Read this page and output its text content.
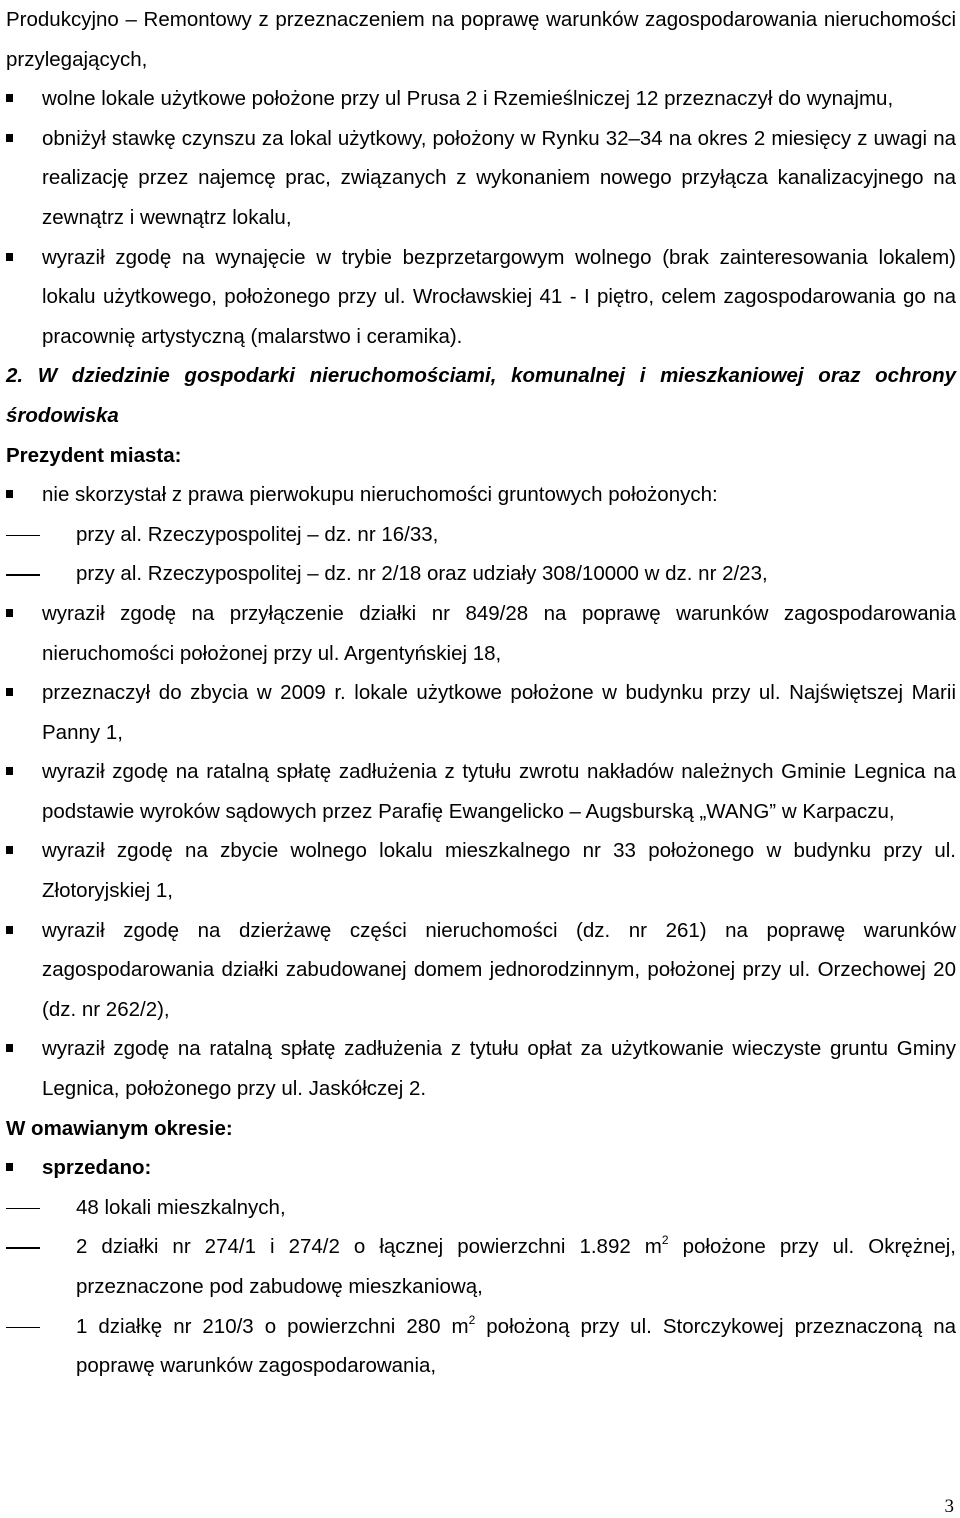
Produkcyjno – Remontowy z przeznaczeniem na poprawę warunków zagospodarowania nieruchomości przylegających,
wolne lokale użytkowe położone przy ul Prusa 2 i Rzemieślniczej 12 przeznaczył do wynajmu,
obniżył stawkę czynszu za lokal użytkowy, położony w Rynku 32–34 na okres 2 miesięcy z uwagi na realizację przez najemcę prac, związanych z wykonaniem nowego przyłącza kanalizacyjnego na zewnątrz i wewnątrz lokalu,
wyraził zgodę na wynajęcie w trybie bezprzetargowym wolnego (brak zainteresowania lokalem) lokalu użytkowego, położonego przy ul. Wrocławskiej 41 - I piętro, celem zagospodarowania go na pracownię artystyczną (malarstwo i ceramika).
2. W dziedzinie gospodarki nieruchomościami, komunalnej i mieszkaniowej oraz ochrony środowiska
Prezydent miasta:
nie skorzystał z prawa pierwokupu nieruchomości gruntowych położonych:
przy al. Rzeczypospolitej – dz. nr 16/33,
przy al. Rzeczypospolitej – dz. nr 2/18 oraz udziały 308/10000 w dz. nr 2/23,
wyraził zgodę na przyłączenie działki nr 849/28 na poprawę warunków zagospodarowania nieruchomości położonej przy ul. Argentyńskiej 18,
przeznaczył do zbycia w 2009 r. lokale użytkowe położone w budynku przy ul. Najświętszej Marii Panny 1,
wyraził zgodę na ratalną spłatę zadłużenia z tytułu zwrotu nakładów należnych Gminie Legnica na podstawie wyroków sądowych przez Parafię Ewangelicko – Augsburską „WANG” w Karpaczu,
wyraził zgodę na zbycie wolnego lokalu mieszkalnego nr 33 położonego w budynku przy ul. Złotoryjskiej 1,
wyraził zgodę na dzierżawę części nieruchomości (dz. nr 261) na poprawę warunków zagospodarowania działki zabudowanej domem jednorodzinnym, położonej przy ul. Orzechowej 20 (dz. nr 262/2),
wyraził zgodę na ratalną spłatę zadłużenia z tytułu opłat za użytkowanie wieczyste gruntu Gminy Legnica, położonego przy ul. Jaskółczej 2.
W omawianym okresie:
sprzedano:
48 lokali mieszkalnych,
2 działki nr 274/1 i 274/2 o łącznej powierzchni 1.892 $m^2$ położone przy ul. Okrężnej, przeznaczone pod zabudowę mieszkaniową,
1 działkę nr 210/3 o powierzchni 280 $m^2$ położoną przy ul. Storczykowej przeznaczoną na poprawę warunków zagospodarowania,
3
